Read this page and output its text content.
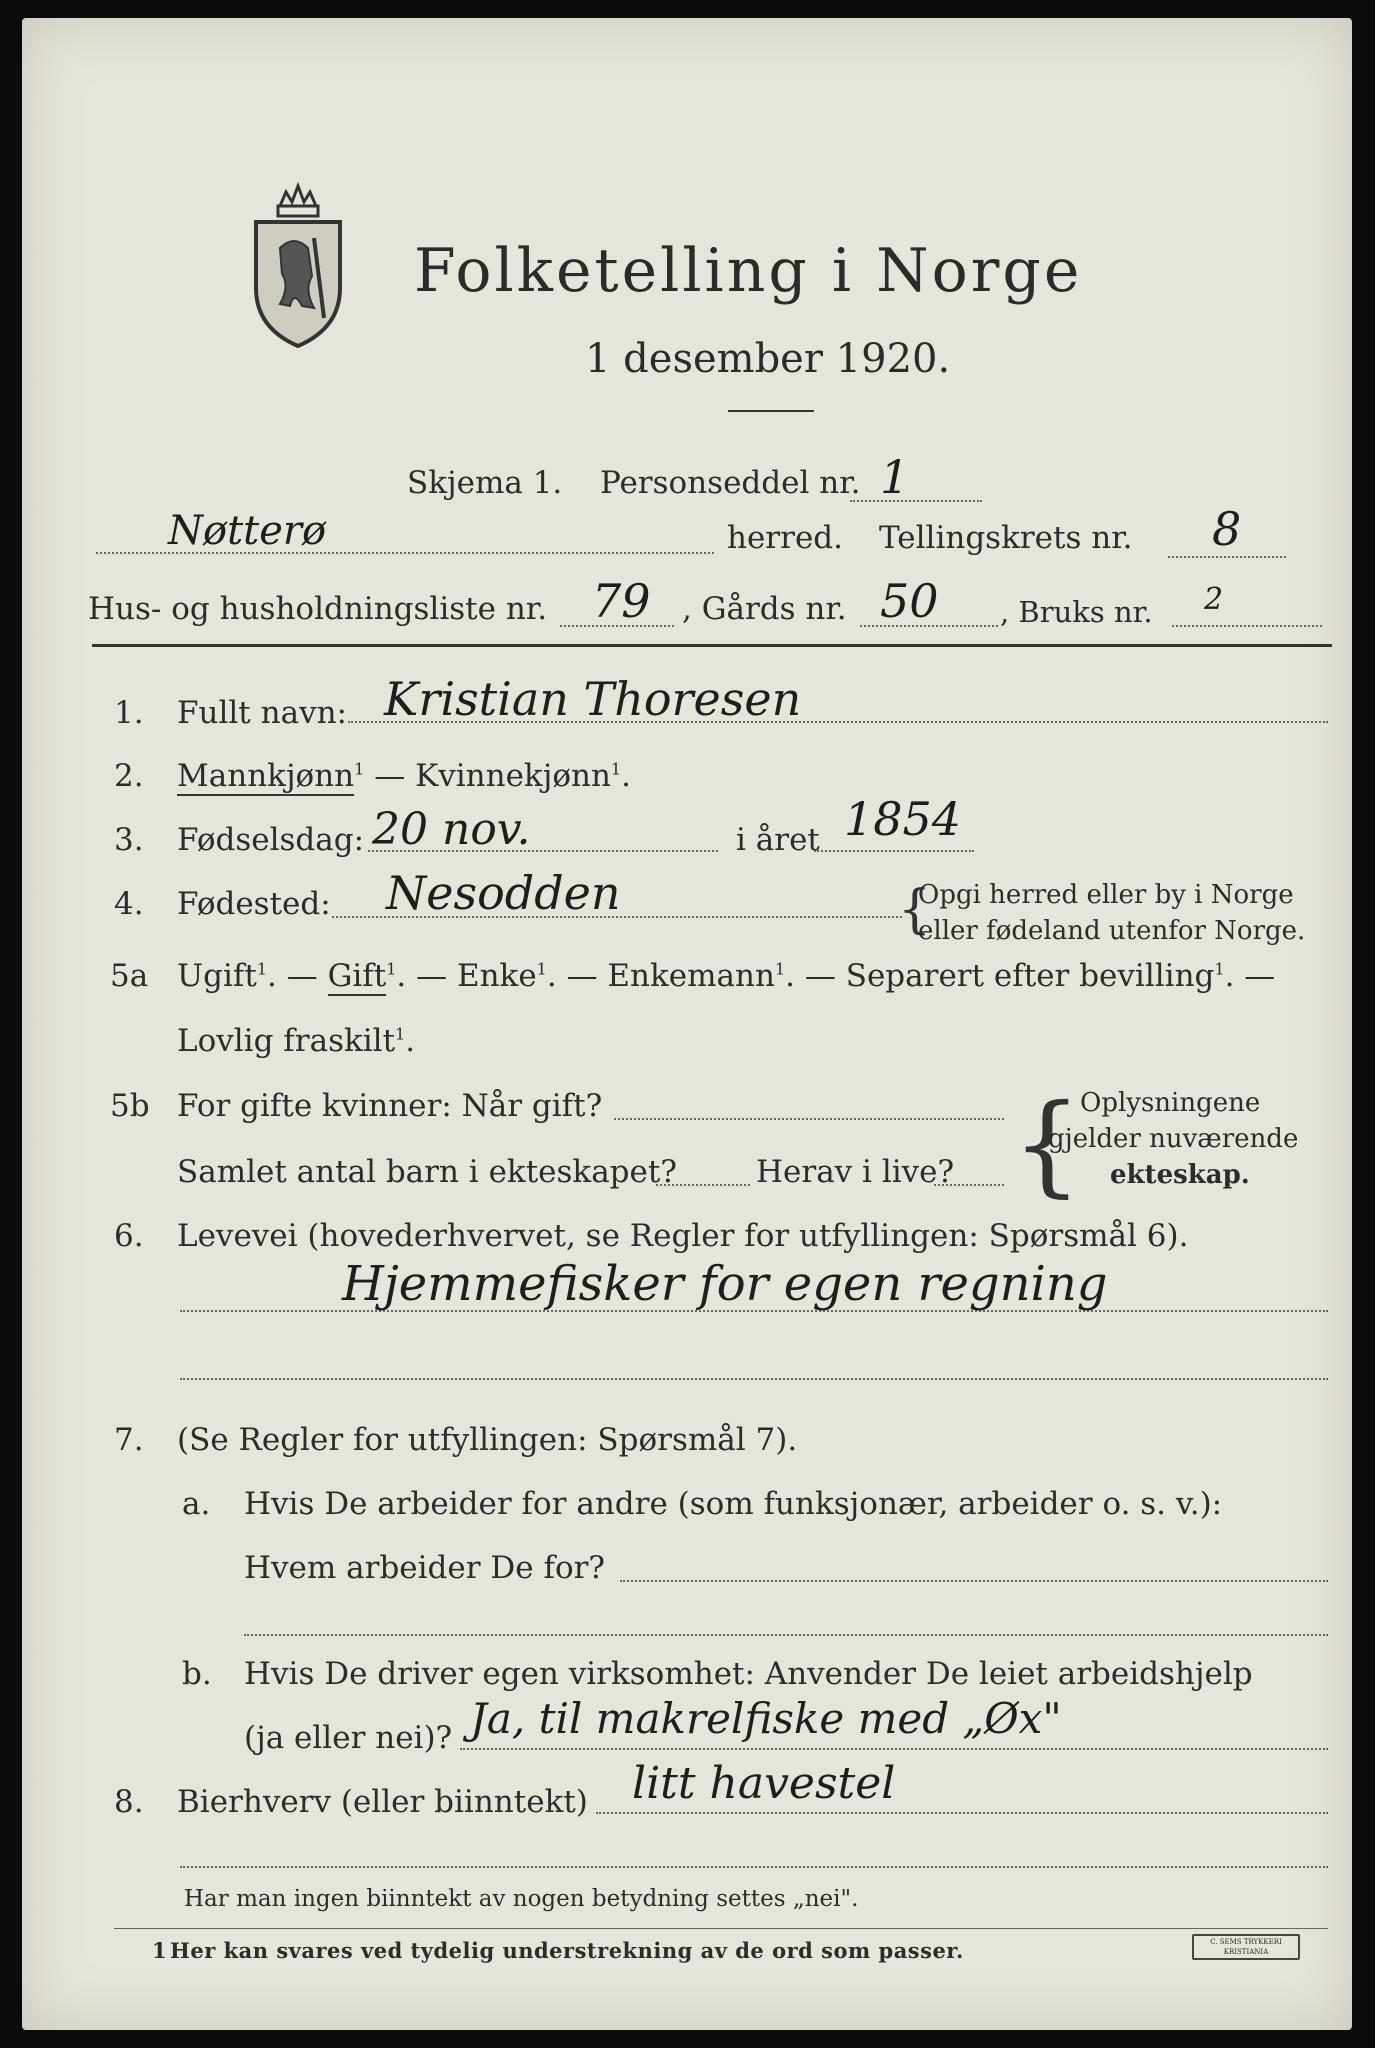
Folketelling i Norge
1 desember 1920.
Skjema 1. Personseddel nr. 1
Nøtterø	herred. Tellingskrets nr. 8
Hus- og husholdningsliste nr. 79 , Gårds nr. 50 , Bruks nr. 2
1. Fullt navn: Kristian Thoresen
2. Mannkjønn$^1$ — Kvinnekjønn$^1$.
3. Fødselsdag: 20 nov.	i året 1854
4. Fødested: Nesodden	{
Opgi herred eller by i Norge
eller fødeland utenfor Norge.
5a Ugift$^1$. — Gift$^1$. — Enke$^1$. — Enkemann$^1$. — Separert efter bevilling$^1$. —
Lovlig fraskilt$^1$.
5b For gifte kvinner: Når gift?
Samlet antal barn i ekteskapet?	Herav i live? {
Oplysningene
gjelder nuværende
ekteskap.
6. Levevei (hovederhvervet, se Regler for utfyllingen: Spørsmål 6).
Hjemmefisker for egen regning
7. (Se Regler for utfyllingen: Spørsmål 7).
a. Hvis De arbeider for andre (som funksjonær, arbeider o. s. v.):
Hvem arbeider De for?
b. Hvis De driver egen virksomhet: Anvender De leiet arbeidshjelp
(ja eller nei)? Ja, til makrelfiske med „Øx"
8. Bierhverv (eller biinntekt) litt havestel
Har man ingen biinntekt av nogen betydning settes „nei".
1 Her kan svares ved tydelig understrekning av de ord som passer.	C. SEMS TRYKKERI KRISTIANIA
